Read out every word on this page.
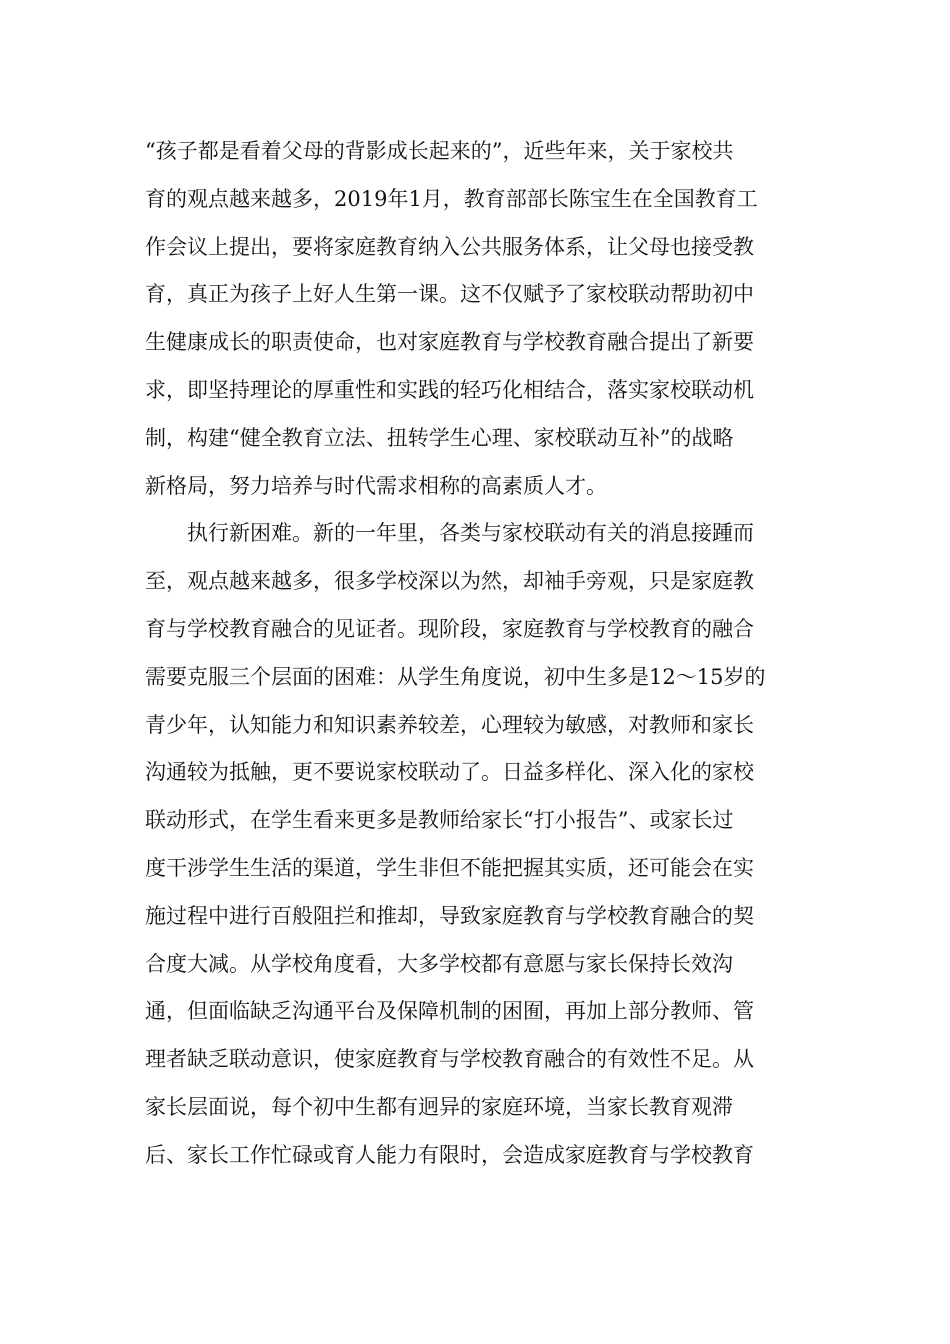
“孩子都是看着父母的背影成长起来的”，近些年来，关于家校共
育的观点越来越多，2019年1月，教育部部长陈宝生在全国教育工
作会议上提出，要将家庭教育纳入公共服务体系，让父母也接受教
育，真正为孩子上好人生第一课。这不仅赋予了家校联动帮助初中
生健康成长的职责使命，也对家庭教育与学校教育融合提出了新要
求，即坚持理论的厚重性和实践的轻巧化相结合，落实家校联动机
制，构建“健全教育立法、扭转学生心理、家校联动互补”的战略
新格局，努力培养与时代需求相称的高素质人才。
执行新困难。新的一年里，各类与家校联动有关的消息接踵而
至，观点越来越多，很多学校深以为然，却袖手旁观，只是家庭教
育与学校教育融合的见证者。现阶段，家庭教育与学校教育的融合
需要克服三个层面的困难：从学生角度说，初中生多是12～15岁的
青少年，认知能力和知识素养较差，心理较为敏感，对教师和家长
沟通较为抵触，更不要说家校联动了。日益多样化、深入化的家校
联动形式，在学生看来更多是教师给家长“打小报告”、或家长过
度干涉学生生活的渠道，学生非但不能把握其实质，还可能会在实
施过程中进行百般阻拦和推却，导致家庭教育与学校教育融合的契
合度大减。从学校角度看，大多学校都有意愿与家长保持长效沟
通，但面临缺乏沟通平台及保障机制的困囿，再加上部分教师、管
理者缺乏联动意识，使家庭教育与学校教育融合的有效性不足。从
家长层面说，每个初中生都有迥异的家庭环境，当家长教育观滞
后、家长工作忙碌或育人能力有限时，会造成家庭教育与学校教育
